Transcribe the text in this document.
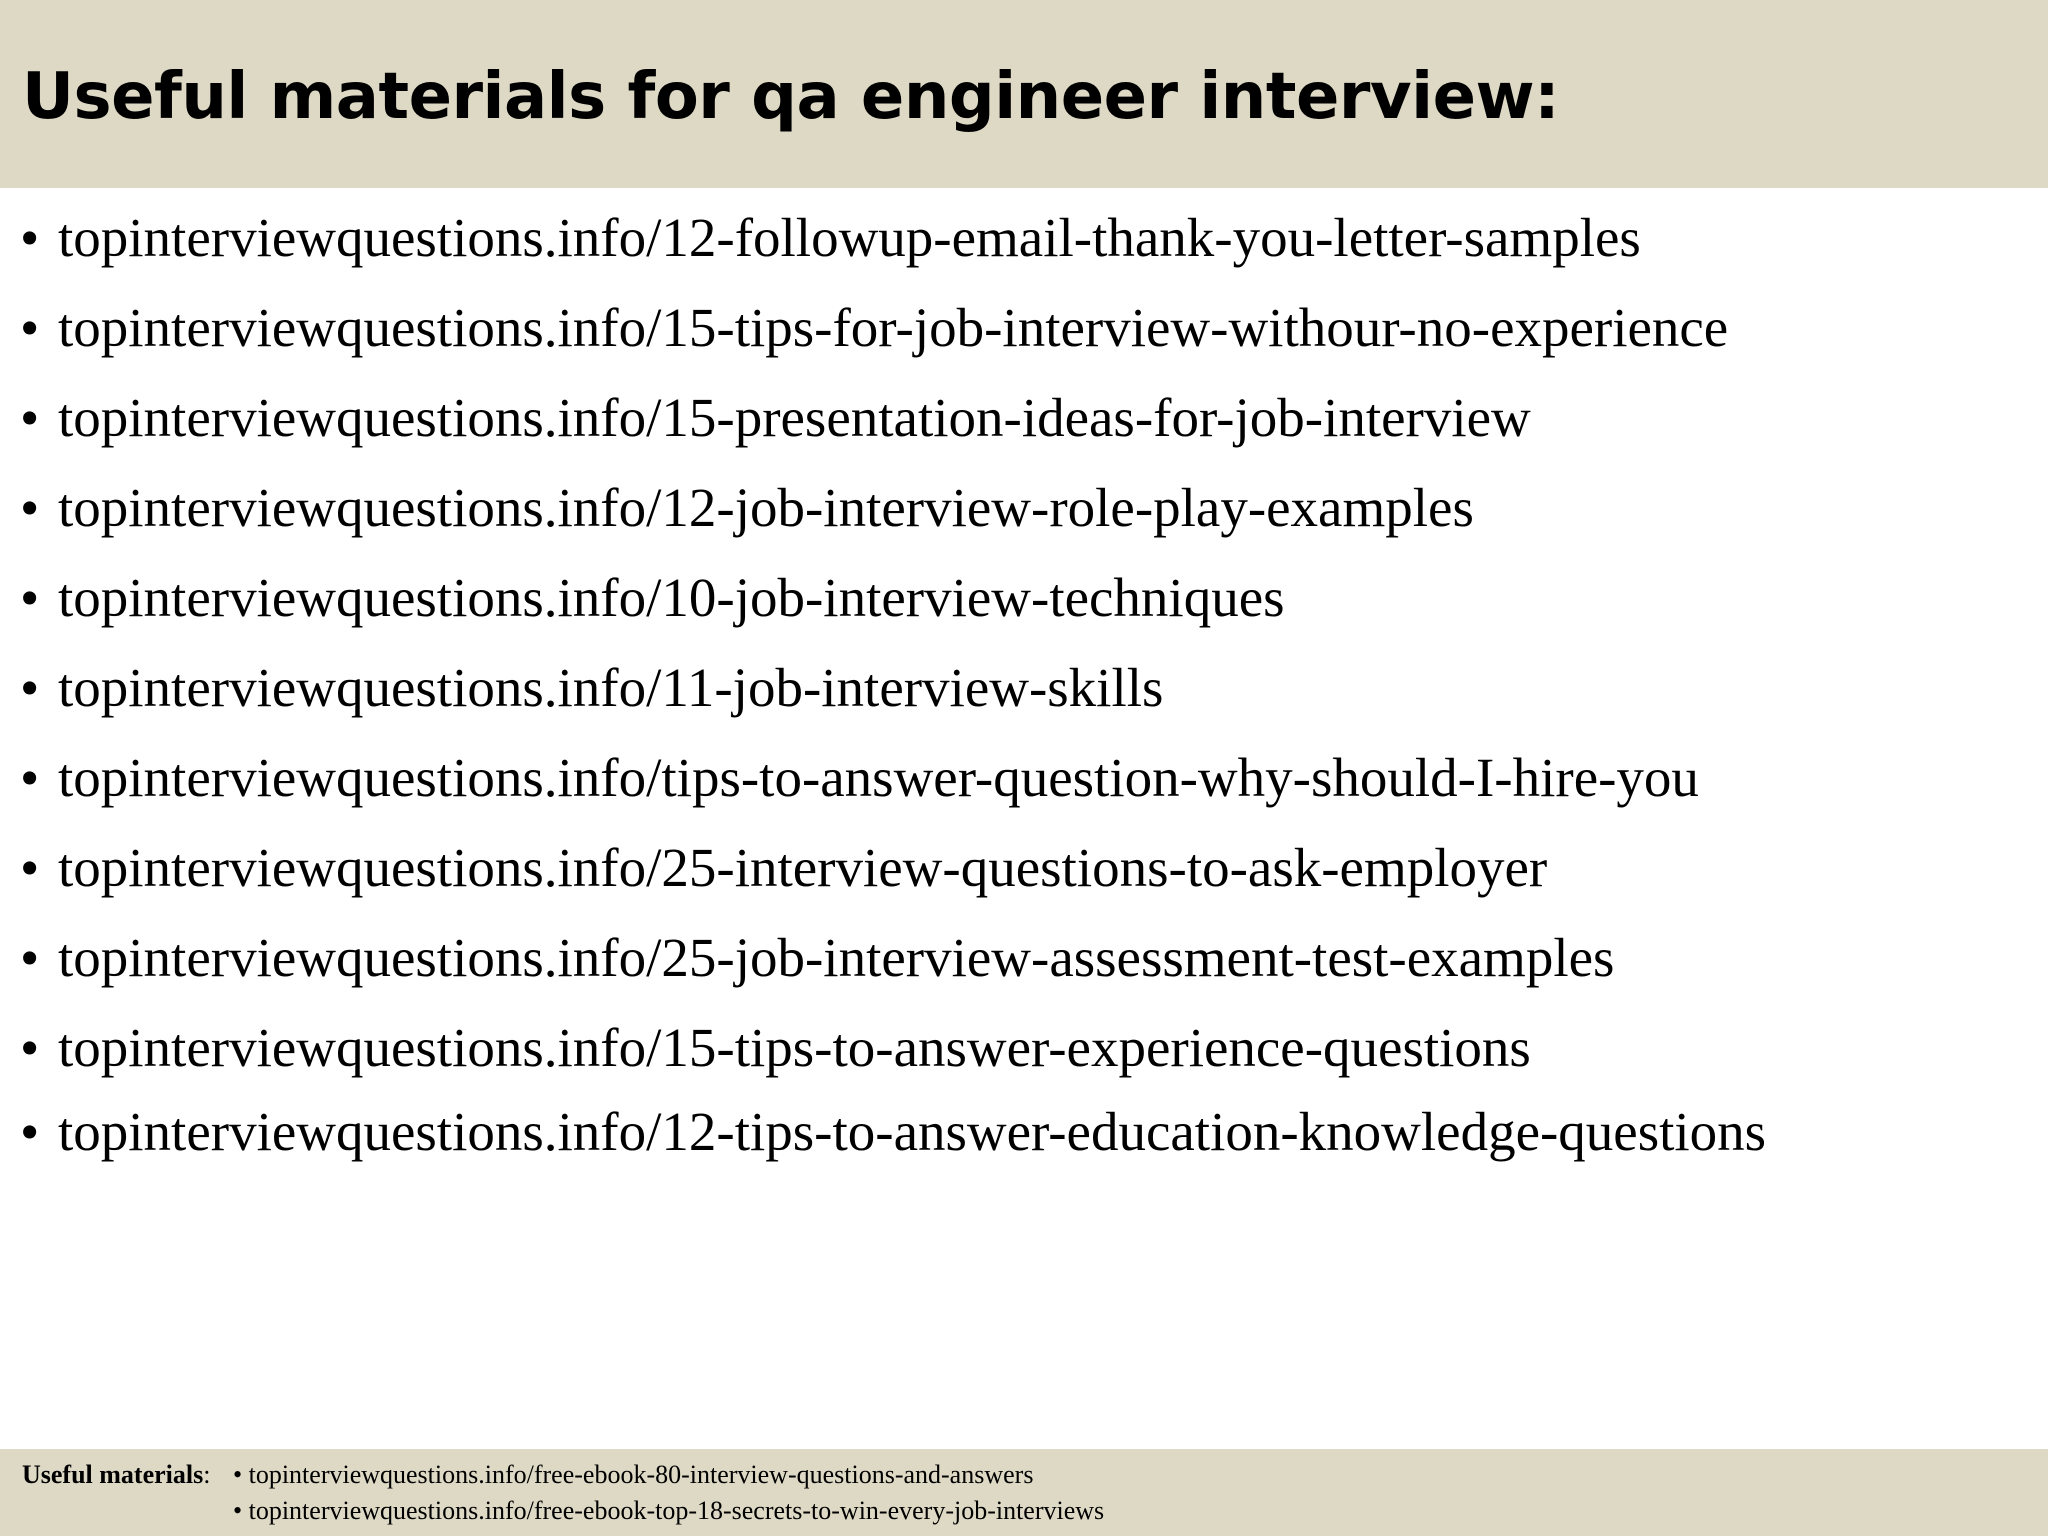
Useful materials for qa engineer interview:
• topinterviewquestions.info/12-followup-email-thank-you-letter-samples
• topinterviewquestions.info/15-tips-for-job-interview-withour-no-experience
• topinterviewquestions.info/15-presentation-ideas-for-job-interview
• topinterviewquestions.info/12-job-interview-role-play-examples
• topinterviewquestions.info/10-job-interview-techniques
• topinterviewquestions.info/11-job-interview-skills
• topinterviewquestions.info/tips-to-answer-question-why-should-I-hire-you
• topinterviewquestions.info/25-interview-questions-to-ask-employer
• topinterviewquestions.info/25-job-interview-assessment-test-examples
• topinterviewquestions.info/15-tips-to-answer-experience-questions
• topinterviewquestions.info/12-tips-to-answer-education-knowledge-questions
Useful materials: • topinterviewquestions.info/free-ebook-80-interview-questions-and-answers
• topinterviewquestions.info/free-ebook-top-18-secrets-to-win-every-job-interviews
